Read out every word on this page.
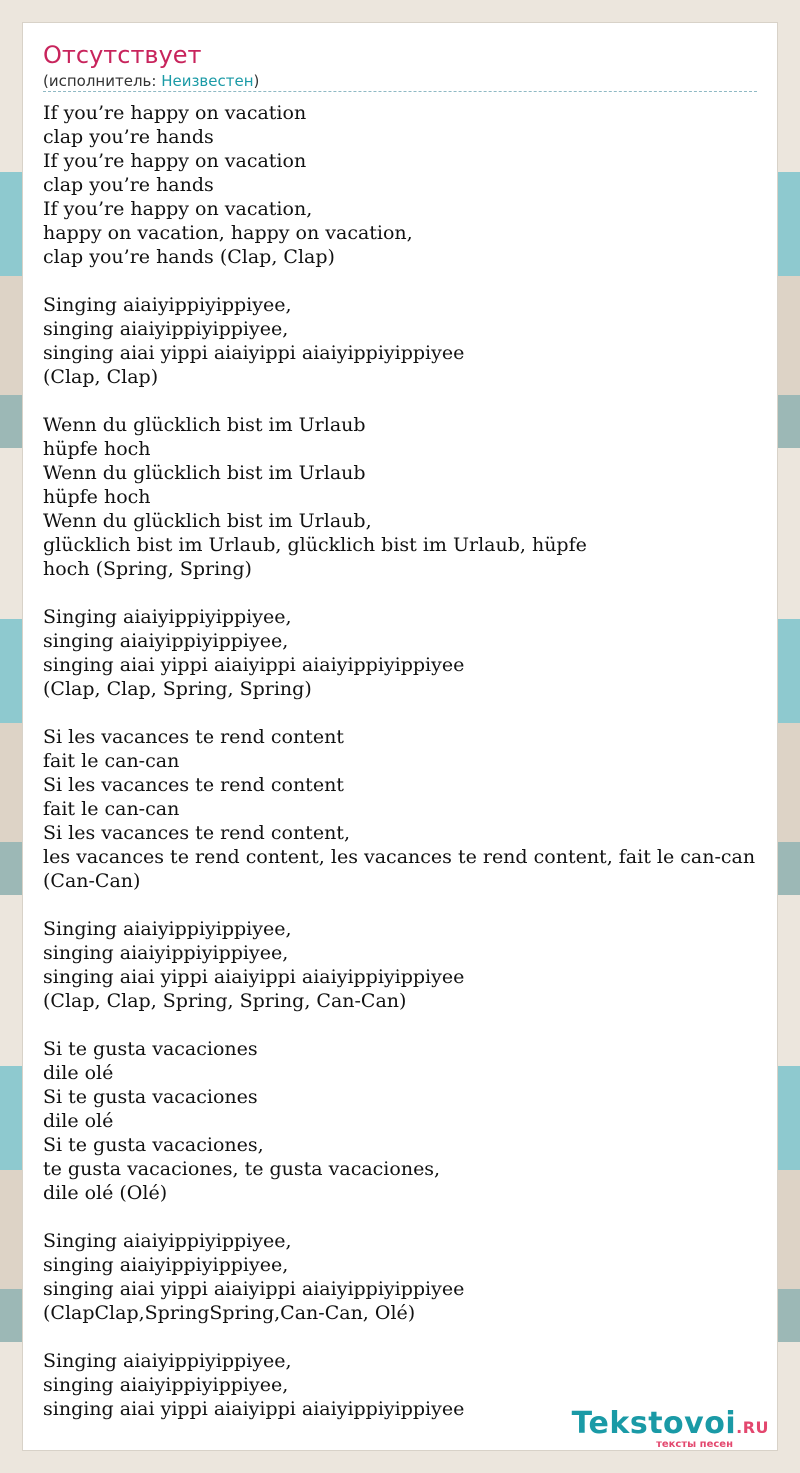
Отсутствует
(исполнитель: Неизвестен)
If you’re happy on vacation
clap you’re hands
If you’re happy on vacation
clap you’re hands
If you’re happy on vacation,
happy on vacation, happy on vacation,
clap you’re hands (Clap, Clap)
Singing aiaiyippiyippiyee,
singing aiaiyippiyippiyee,
singing aiai yippi aiaiyippi aiaiyippiyippiyee
(Clap, Clap)
Wenn du glücklich bist im Urlaub
hüpfe hoch
Wenn du glücklich bist im Urlaub
hüpfe hoch
Wenn du glücklich bist im Urlaub,
glücklich bist im Urlaub, glücklich bist im Urlaub, hüpfe
hoch (Spring, Spring)
Singing aiaiyippiyippiyee,
singing aiaiyippiyippiyee,
singing aiai yippi aiaiyippi aiaiyippiyippiyee
(Clap, Clap, Spring, Spring)
Si les vacances te rend content
fait le can-can
Si les vacances te rend content
fait le can-can
Si les vacances te rend content,
les vacances te rend content, les vacances te rend content, fait le can-can
(Can-Can)
Singing aiaiyippiyippiyee,
singing aiaiyippiyippiyee,
singing aiai yippi aiaiyippi aiaiyippiyippiyee
(Clap, Clap, Spring, Spring, Can-Can)
Si te gusta vacaciones
dile olé
Si te gusta vacaciones
dile olé
Si te gusta vacaciones,
te gusta vacaciones, te gusta vacaciones,
dile olé (Olé)
Singing aiaiyippiyippiyee,
singing aiaiyippiyippiyee,
singing aiai yippi aiaiyippi aiaiyippiyippiyee
(ClapClap,SpringSpring,Can-Can, Olé)
Singing aiaiyippiyippiyee,
singing aiaiyippiyippiyee,
singing aiai yippi aiaiyippi aiaiyippiyippiyee	Tekstovoi.RU
тексты песен
